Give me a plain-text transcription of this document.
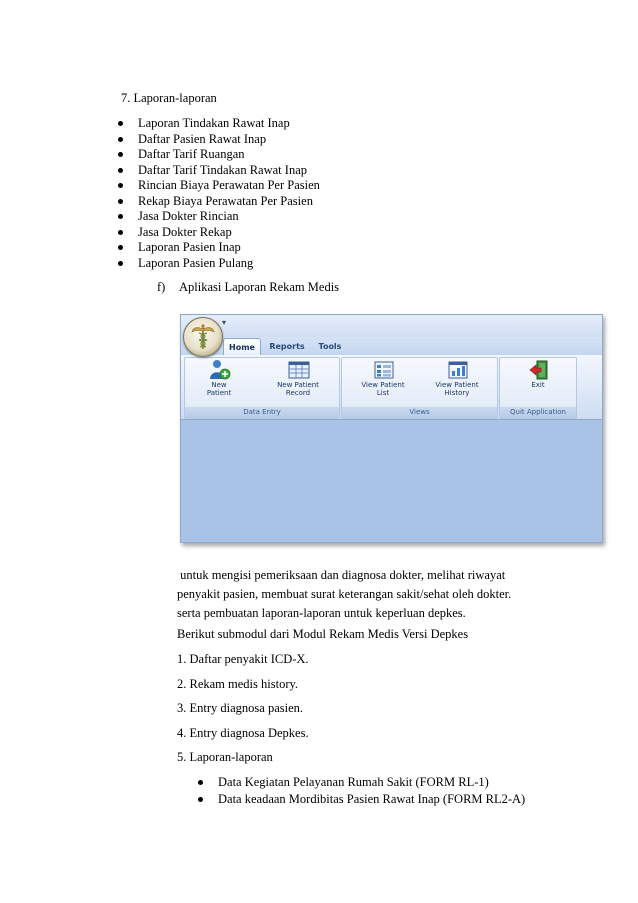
7. Laporan-laporan
Laporan Tindakan Rawat Inap
Daftar Pasien Rawat Inap
Daftar Tarif Ruangan
Daftar Tarif Tindakan Rawat Inap
Rincian Biaya Perawatan Per Pasien
Rekap Biaya Perawatan Per Pasien
Jasa Dokter Rincian
Jasa Dokter Rekap
Laporan Pasien Inap
Laporan Pasien Pulang
f) Aplikasi Laporan Rekam Medis
▾
Home	Reports	Tools
New
Patient
New Patient
Record
Data Entry
View Patient
List
View Patient
History
Views
Exit
Quit Application
untuk mengisi pemeriksaan dan diagnosa dokter, melihat riwayat
penyakit pasien, membuat surat keterangan sakit/sehat oleh dokter.
serta pembuatan laporan-laporan untuk keperluan depkes.
Berikut submodul dari Modul Rekam Medis Versi Depkes
1. Daftar penyakit ICD-X.
2. Rekam medis history.
3. Entry diagnosa pasien.
4. Entry diagnosa Depkes.
5. Laporan-laporan
Data Kegiatan Pelayanan Rumah Sakit (FORM RL-1)
Data keadaan Mordibitas Pasien Rawat Inap (FORM RL2-A)
